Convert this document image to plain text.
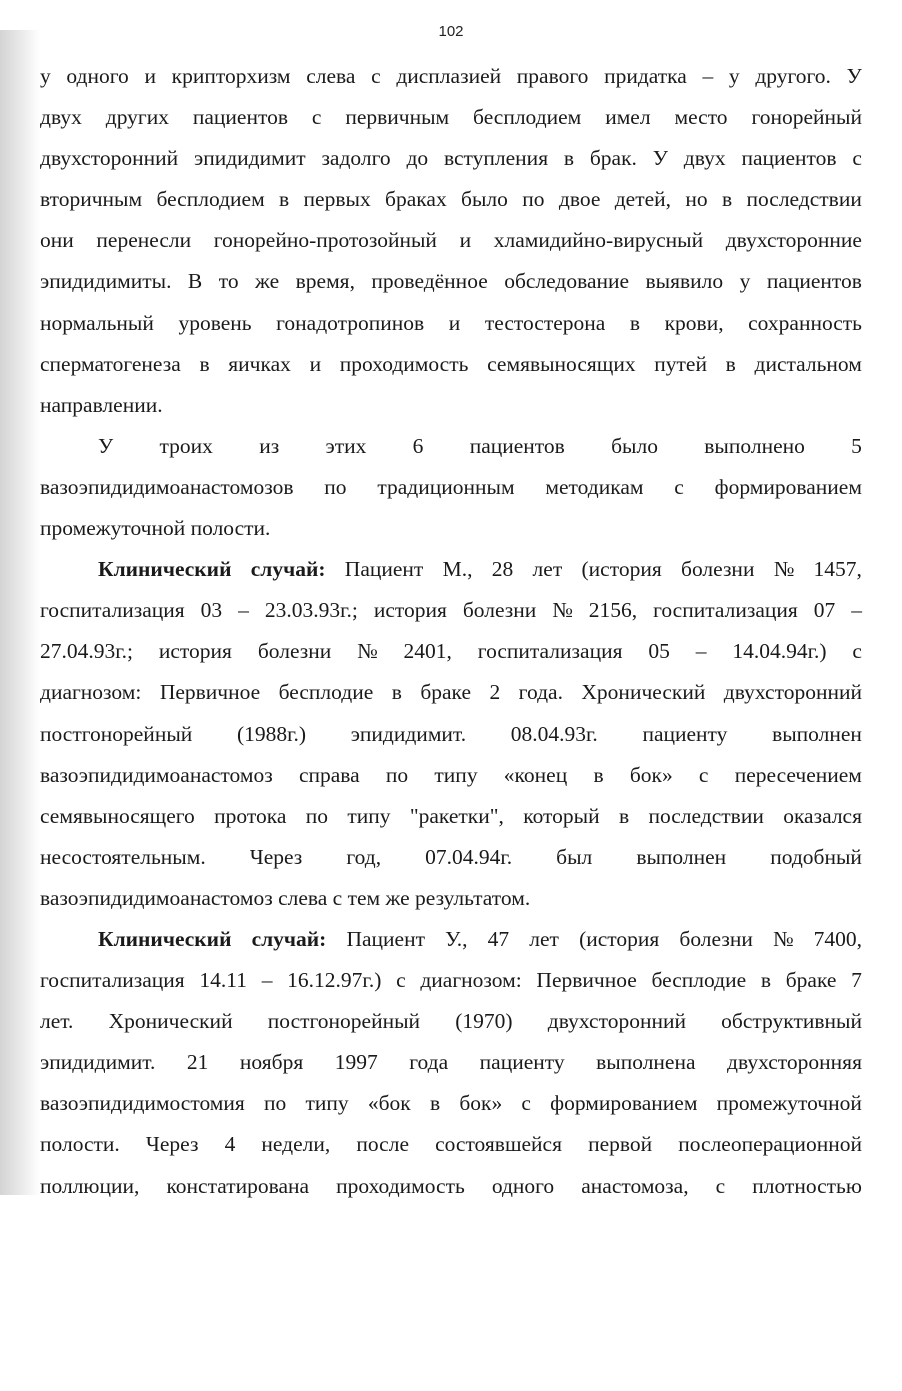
102
у одного и крипторхизм слева с дисплазией правого придатка – у другого. У
двух других пациентов с первичным бесплодием имел место гонорейный
двухсторонний эпидидимит задолго до вступления в брак. У двух пациентов с
вторичным бесплодием в первых браках было по двое детей, но в последствии
они перенесли гонорейно-протозойный и хламидийно-вирусный двухсторонние
эпидидимиты. В то же время, проведённое обследование выявило у пациентов
нормальный уровень гонадотропинов и тестостерона в крови, сохранность
сперматогенеза в яичках и проходимость семявыносящих путей в дистальном
направлении.
У троих из этих 6 пациентов было выполнено 5
вазоэпидидимоанастомозов по традиционным методикам с формированием
промежуточной полости.
Клинический случай: Пациент М., 28 лет (история болезни № 1457,
госпитализация 03 – 23.03.93г.; история болезни № 2156, госпитализация 07 –
27.04.93г.; история болезни № 2401, госпитализация 05 – 14.04.94г.) с
диагнозом: Первичное бесплодие в браке 2 года. Хронический двухсторонний
постгонорейный (1988г.) эпидидимит. 08.04.93г. пациенту выполнен
вазоэпидидимоанастомоз справа по типу «конец в бок» с пересечением
семявыносящего протока по типу "ракетки", который в последствии оказался
несостоятельным. Через год, 07.04.94г. был выполнен подобный
вазоэпидидимоанастомоз слева с тем же результатом.
Клинический случай: Пациент У., 47 лет (история болезни № 7400,
госпитализация 14.11 – 16.12.97г.) с диагнозом: Первичное бесплодие в браке 7
лет. Хронический постгонорейный (1970) двухсторонний обструктивный
эпидидимит. 21 ноября 1997 года пациенту выполнена двухсторонняя
вазоэпидидимостомия по типу «бок в бок» с формированием промежуточной
полости. Через 4 недели, после состоявшейся первой послеоперационной
поллюции, констатирована проходимость одного анастомоза, с плотностью
